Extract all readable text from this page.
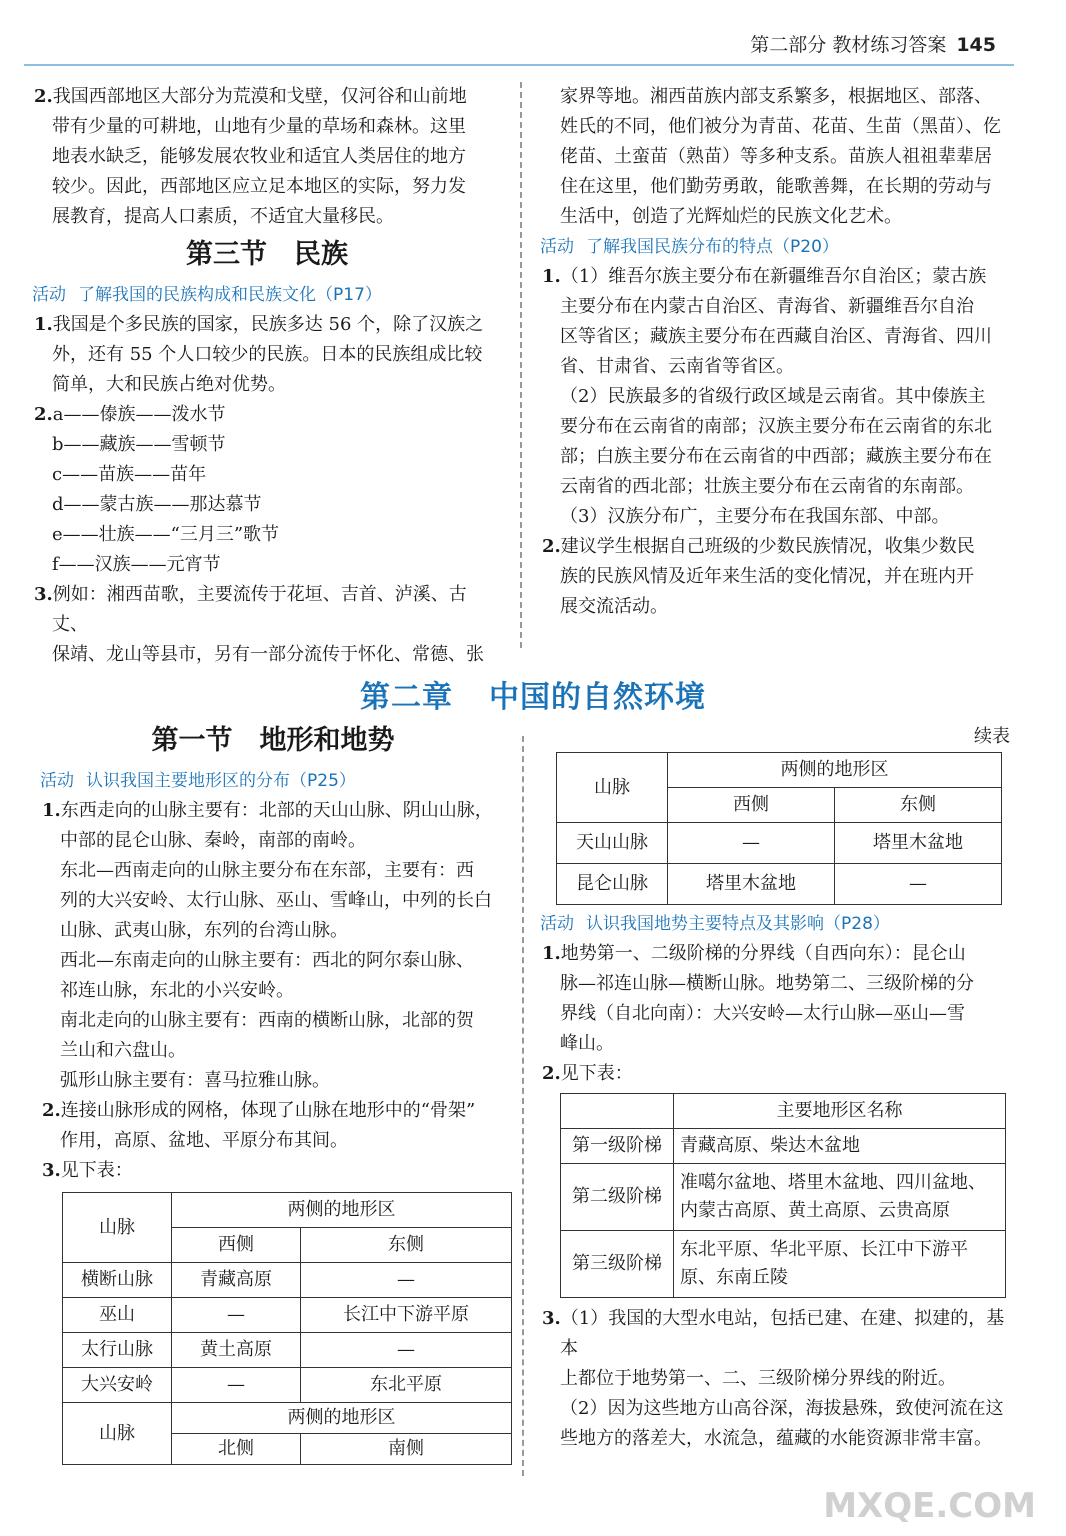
第二部分 教材练习答案 145

2.我国西部地区大部分为荒漠和戈壁，仅河谷和山前地

带有少量的可耕地，山地有少量的草场和森林。这里

地表水缺乏，能够发展农牧业和适宜人类居住的地方

较少。因此，西部地区应立足本地区的实际，努力发

展教育，提高人口素质，不适宜大量移民。

第三节　民族

活动 了解我国的民族构成和民族文化（P17）

1.我国是个多民族的国家，民族多达 56 个，除了汉族之

外，还有 55 个人口较少的民族。日本的民族组成比较

简单，大和民族占绝对优势。

2.a——傣族——泼水节

b——藏族——雪顿节

c——苗族——苗年

d——蒙古族——那达慕节

e——壮族——“三月三”歌节

f——汉族——元宵节

3.例如：湘西苗歌，主要流传于花垣、吉首、泸溪、古丈、

保靖、龙山等县市，另有一部分流传于怀化、常德、张

家界等地。湘西苗族内部支系繁多，根据地区、部落、

姓氏的不同，他们被分为青苗、花苗、生苗（黑苗）、仡

佬苗、土蛮苗（熟苗）等多种支系。苗族人祖祖辈辈居

住在这里，他们勤劳勇敢，能歌善舞，在长期的劳动与

生活中，创造了光辉灿烂的民族文化艺术。

活动 了解我国民族分布的特点（P20）

1.（1）维吾尔族主要分布在新疆维吾尔自治区；蒙古族

主要分布在内蒙古自治区、青海省、新疆维吾尔自治

区等省区；藏族主要分布在西藏自治区、青海省、四川

省、甘肃省、云南省等省区。

（2）民族最多的省级行政区域是云南省。其中傣族主

要分布在云南省的南部；汉族主要分布在云南省的东北

部；白族主要分布在云南省的中西部；藏族主要分布在

云南省的西北部；壮族主要分布在云南省的东南部。

（3）汉族分布广，主要分布在我国东部、中部。

2.建议学生根据自己班级的少数民族情况，收集少数民

族的民族风情及近年来生活的变化情况，并在班内开

展交流活动。

第二章 中国的自然环境
第一节　地形和地势

活动 认识我国主要地形区的分布（P25）

1.东西走向的山脉主要有：北部的天山山脉、阴山山脉，

中部的昆仑山脉、秦岭，南部的南岭。

东北—西南走向的山脉主要分布在东部，主要有：西

列的大兴安岭、太行山脉、巫山、雪峰山，中列的长白

山脉、武夷山脉，东列的台湾山脉。

西北—东南走向的山脉主要有：西北的阿尔泰山脉、

祁连山脉，东北的小兴安岭。

南北走向的山脉主要有：西南的横断山脉，北部的贺

兰山和六盘山。

弧形山脉主要有：喜马拉雅山脉。

2.连接山脉形成的网格，体现了山脉在地形中的“骨架”

作用，高原、盆地、平原分布其间。

3.见下表：

山脉	两侧的地形区	
	西侧	东侧
横断山脉	青藏高原	—
巫山	—	长江中下游平原
太行山脉	黄土高原	—
大兴安岭	—	东北平原
山脉	两侧的地形区	
	北侧	南侧
续表
山脉	两侧的地形区	
	西侧	东侧
天山山脉	—	塔里木盆地
昆仑山脉	塔里木盆地	—

活动 认识我国地势主要特点及其影响（P28）

1.地势第一、二级阶梯的分界线（自西向东）：昆仑山

脉—祁连山脉—横断山脉。地势第二、三级阶梯的分

界线（自北向南）：大兴安岭—太行山脉—巫山—雪

峰山。

2.见下表：

	主要地形区名称
第一级阶梯	青藏高原、柴达木盆地
第二级阶梯	准噶尔盆地、塔里木盆地、四川盆地、内蒙古高原、黄土高原、云贵高原
第三级阶梯	东北平原、华北平原、长江中下游平原、东南丘陵

3.（1）我国的大型水电站，包括已建、在建、拟建的，基本

上都位于地势第一、二、三级阶梯分界线的附近。

（2）因为这些地方山高谷深，海拔悬殊，致使河流在这

些地方的落差大，水流急，蕴藏的水能资源非常丰富。

MXQE.COM
